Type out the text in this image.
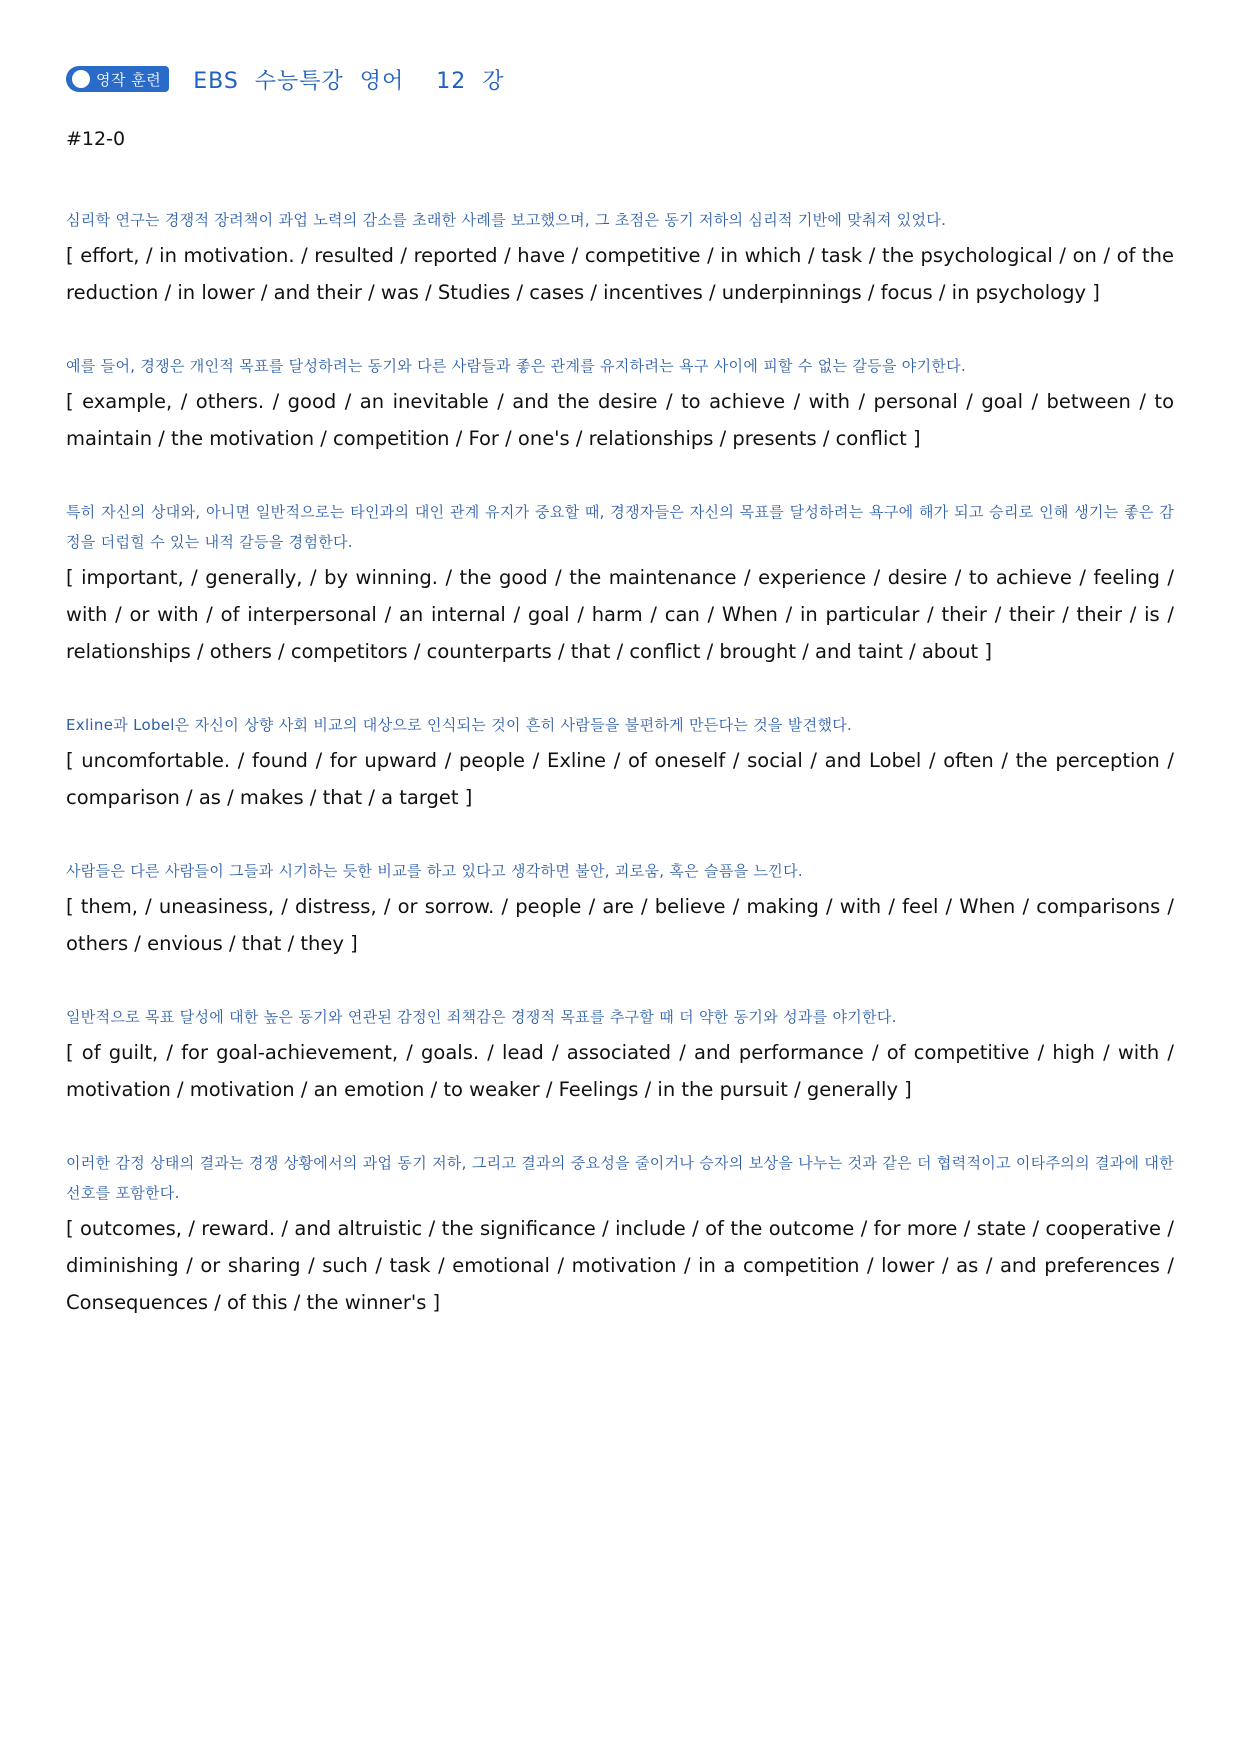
영작 훈련 EBS  수능특강  영어    12  강
#12-0
심리학 연구는 경쟁적 장려책이 과업 노력의 감소를 초래한 사례를 보고했으며, 그 초점은 동기 저하의 심리적 기반에 맞춰져 있었다.
[ effort, / in motivation. / resulted / reported / have / competitive / in which / task / the psychological / on / of the reduction / in lower / and their / was / Studies / cases / incentives / underpinnings / focus / in psychology ]
예를 들어, 경쟁은 개인적 목표를 달성하려는 동기와 다른 사람들과 좋은 관계를 유지하려는 욕구 사이에 피할 수 없는 갈등을 야기한다.
[ example, / others. / good / an inevitable / and the desire / to achieve / with / personal / goal / between / to maintain / the motivation / competition / For / one's / relationships / presents / conflict ]
특히 자신의 상대와, 아니면 일반적으로는 타인과의 대인 관계 유지가 중요할 때, 경쟁자들은 자신의 목표를 달성하려는 욕구에 해가 되고 승리로 인해 생기는 좋은 감정을 더럽힐 수 있는 내적 갈등을 경험한다.
[ important, / generally, / by winning. / the good / the maintenance / experience / desire / to achieve / feeling / with / or with / of interpersonal / an internal / goal / harm / can / When / in particular / their / their / their / is / relationships / others / competitors / counterparts / that / conflict / brought / and taint / about ]
Exline과 Lobel은 자신이 상향 사회 비교의 대상으로 인식되는 것이 흔히 사람들을 불편하게 만든다는 것을 발견했다.
[ uncomfortable. / found / for upward / people / Exline / of oneself / social / and Lobel / often / the perception / comparison / as / makes / that / a target ]
사람들은 다른 사람들이 그들과 시기하는 듯한 비교를 하고 있다고 생각하면 불안, 괴로움, 혹은 슬픔을 느낀다.
[ them, / uneasiness, / distress, / or sorrow. / people / are / believe / making / with / feel / When / comparisons / others / envious / that / they ]
일반적으로 목표 달성에 대한 높은 동기와 연관된 감정인 죄책감은 경쟁적 목표를 추구할 때 더 약한 동기와 성과를 야기한다.
[ of guilt, / for goal-achievement, / goals. / lead / associated / and performance / of competitive / high / with / motivation / motivation / an emotion / to weaker / Feelings / in the pursuit / generally ]
이러한 감정 상태의 결과는 경쟁 상황에서의 과업 동기 저하, 그리고 결과의 중요성을 줄이거나 승자의 보상을 나누는 것과 같은 더 협력적이고 이타주의의 결과에 대한 선호를 포함한다.
[ outcomes, / reward. / and altruistic / the significance / include / of the outcome / for more / state / cooperative / diminishing / or sharing / such / task / emotional / motivation / in a competition / lower / as / and preferences / Consequences / of this / the winner's ]
